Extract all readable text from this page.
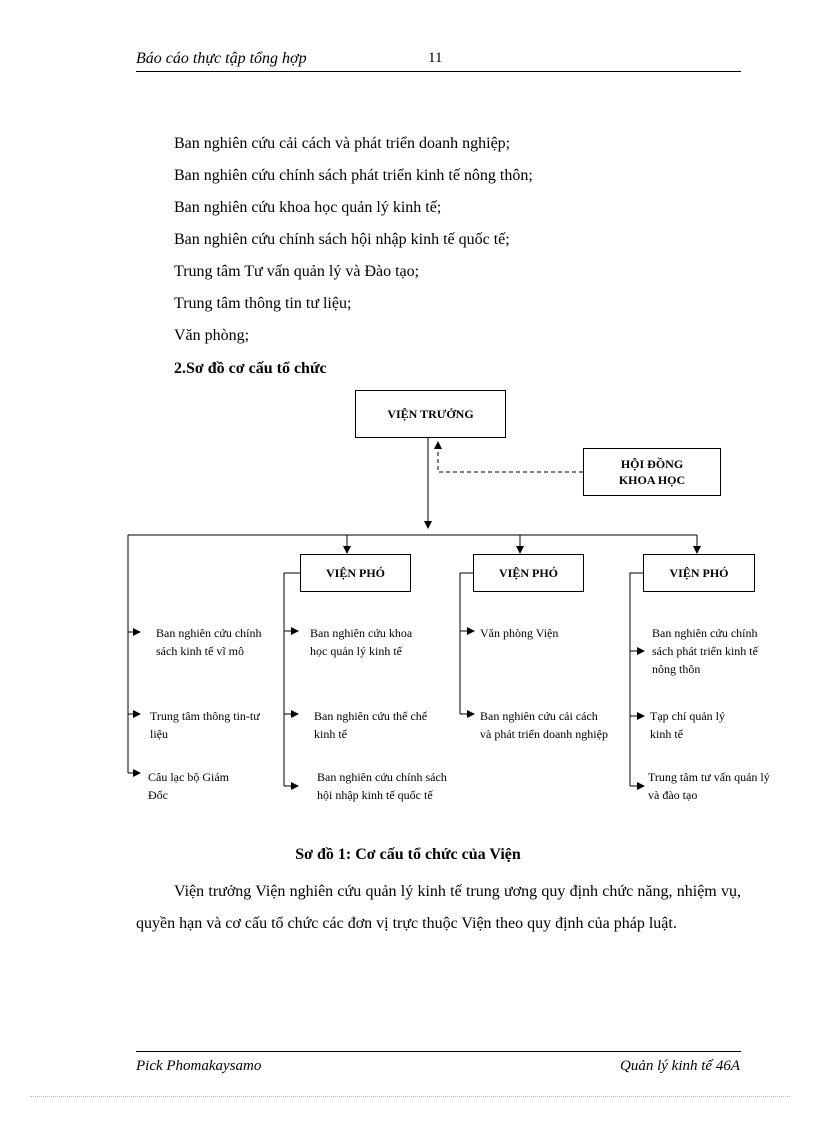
Báo cáo thực tập tổng hợp	11
Ban nghiên cứu cải cách và phát triển doanh nghiệp;
Ban nghiên cứu chính sách phát triển kinh tế nông thôn;
Ban nghiên cứu khoa học quản lý kinh tế;
Ban nghiên cứu chính sách hội nhập kinh tế quốc tế;
Trung tâm Tư vấn quản lý và Đào tạo;
Trung tâm thông tin tư liệu;
Văn phòng;
2.Sơ đồ cơ cấu tổ chức
VIỆN TRƯỞNG
HỘI ĐỒNG
KHOA HỌC
VIỆN PHÓ	VIỆN PHÓ	VIỆN PHÓ
Ban nghiên cứu chính sách kinh tế vĩ mô
Trung tâm thông tin-tư liệu
Câu lạc bộ Giám Đốc
Ban nghiên cứu khoa học quản lý kinh tế
Ban nghiên cứu thể chế kinh tế
Ban nghiên cứu chính sách hội nhập kinh tế quốc tế
Văn phòng Viện
Ban nghiên cứu cải cách và phát triển doanh nghiệp
Ban nghiên cứu chính sách phát triển kinh tế nông thôn
Tạp chí quản lý kinh tế
Trung tâm tư vấn quản lý và đào tạo
Sơ đồ 1: Cơ cấu tổ chức của Viện
Viện trưởng Viện nghiên cứu quản lý kinh tế trung ương quy định chức năng, nhiệm vụ, quyền hạn và cơ cấu tổ chức các đơn vị trực thuộc Viện theo quy định của pháp luật.
Pick Phomakaysamo	Quản lý kinh tế 46A
